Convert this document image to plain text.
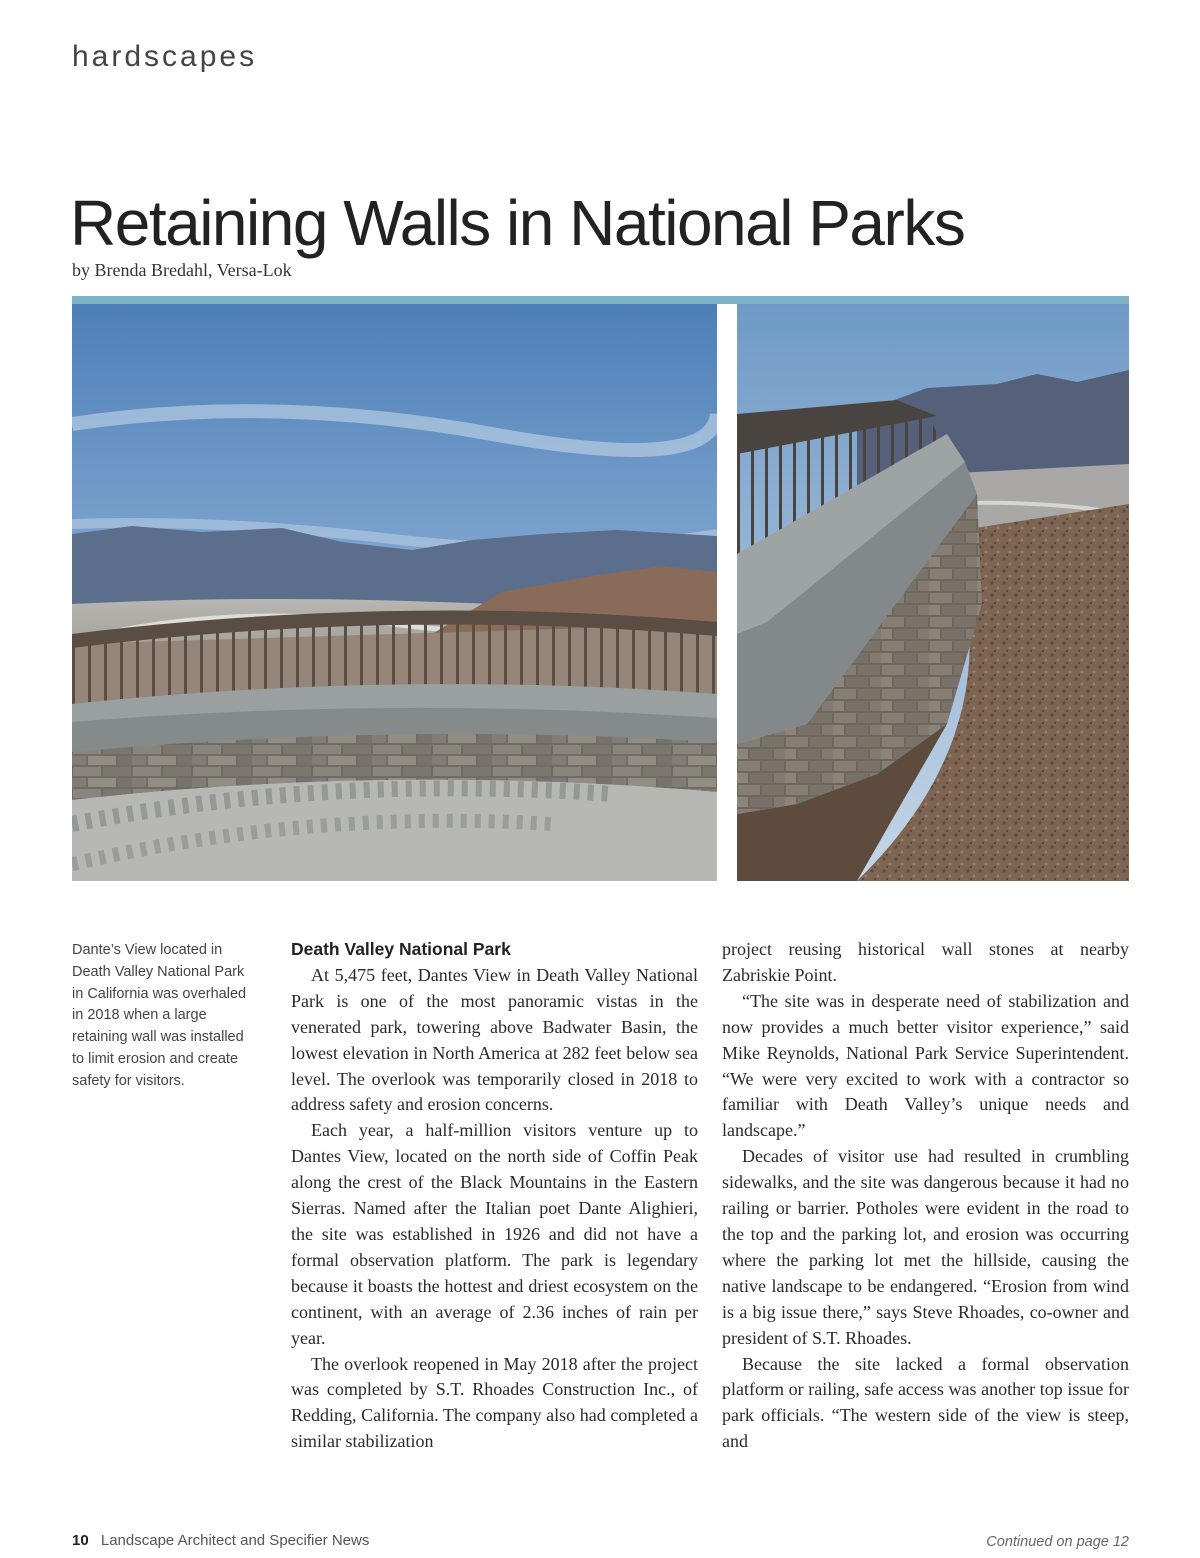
hardscapes
Retaining Walls in National Parks
by Brenda Bredahl, Versa-Lok
Dante’s View located in Death Valley National Park in California was overhaled in 2018 when a large retaining wall was installed to limit erosion and create safety for visitors.
Death Valley National Park

At 5,475 feet, Dantes View in Death Valley National Park is one of the most panoramic vistas in the venerated park, towering above Badwater Basin, the lowest elevation in North America at 282 feet below sea level. The overlook was temporarily closed in 2018 to address safety and erosion concerns.

Each year, a half-million visitors venture up to Dantes View, located on the north side of Coffin Peak along the crest of the Black Mountains in the Eastern Sierras. Named after the Italian poet Dante Alighieri, the site was established in 1926 and did not have a formal observation platform. The park is legendary because it boasts the hottest and driest ecosystem on the continent, with an average of 2.36 inches of rain per year.

The overlook reopened in May 2018 after the project was completed by S.T. Rhoades Construction Inc., of Redding, California. The company also had completed a similar stabilization

project reusing historical wall stones at nearby Zabriskie Point.

“The site was in desperate need of stabilization and now provides a much better visitor experience,” said Mike Reynolds, National Park Service Superintendent. “We were very excited to work with a contractor so familiar with Death Valley’s unique needs and landscape.”

Decades of visitor use had resulted in crumbling sidewalks, and the site was dangerous because it had no railing or barrier. Potholes were evident in the road to the top and the parking lot, and erosion was occurring where the parking lot met the hillside, causing the native landscape to be endangered. “Erosion from wind is a big issue there,” says Steve Rhoades, co-owner and president of S.T. Rhoades.

Because the site lacked a formal observation platform or railing, safe access was another top issue for park officials. “The western side of the view is steep, and

10 Landscape Architect and Specifier News	Continued on page 12
